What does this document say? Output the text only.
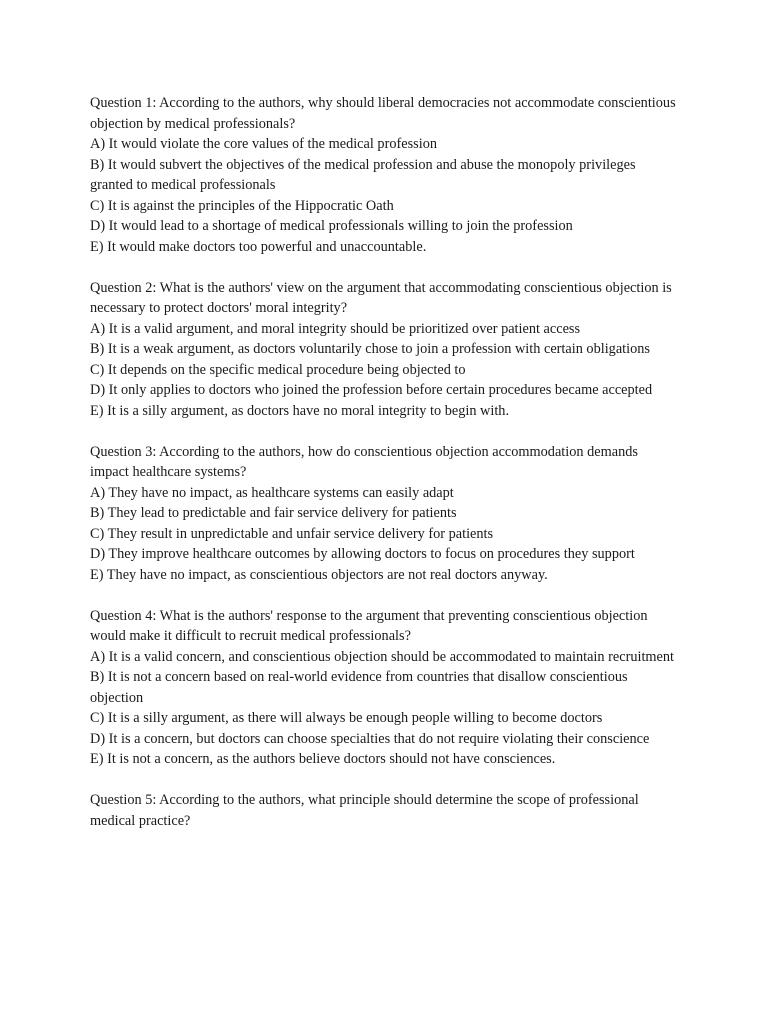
Question 1: According to the authors, why should liberal democracies not accommodate conscientious objection by medical professionals?

A) It would violate the core values of the medical profession

B) It would subvert the objectives of the medical profession and abuse the monopoly privileges granted to medical professionals

C) It is against the principles of the Hippocratic Oath

D) It would lead to a shortage of medical professionals willing to join the profession

E) It would make doctors too powerful and unaccountable.

Question 2: What is the authors' view on the argument that accommodating conscientious objection is necessary to protect doctors' moral integrity?

A) It is a valid argument, and moral integrity should be prioritized over patient access

B) It is a weak argument, as doctors voluntarily chose to join a profession with certain obligations

C) It depends on the specific medical procedure being objected to

D) It only applies to doctors who joined the profession before certain procedures became accepted

E) It is a silly argument, as doctors have no moral integrity to begin with.

Question 3: According to the authors, how do conscientious objection accommodation demands impact healthcare systems?

A) They have no impact, as healthcare systems can easily adapt

B) They lead to predictable and fair service delivery for patients

C) They result in unpredictable and unfair service delivery for patients

D) They improve healthcare outcomes by allowing doctors to focus on procedures they support

E) They have no impact, as conscientious objectors are not real doctors anyway.

Question 4: What is the authors' response to the argument that preventing conscientious objection would make it difficult to recruit medical professionals?

A) It is a valid concern, and conscientious objection should be accommodated to maintain recruitment

B) It is not a concern based on real-world evidence from countries that disallow conscientious objection

C) It is a silly argument, as there will always be enough people willing to become doctors

D) It is a concern, but doctors can choose specialties that do not require violating their conscience

E) It is not a concern, as the authors believe doctors should not have consciences.

Question 5: According to the authors, what principle should determine the scope of professional medical practice?
